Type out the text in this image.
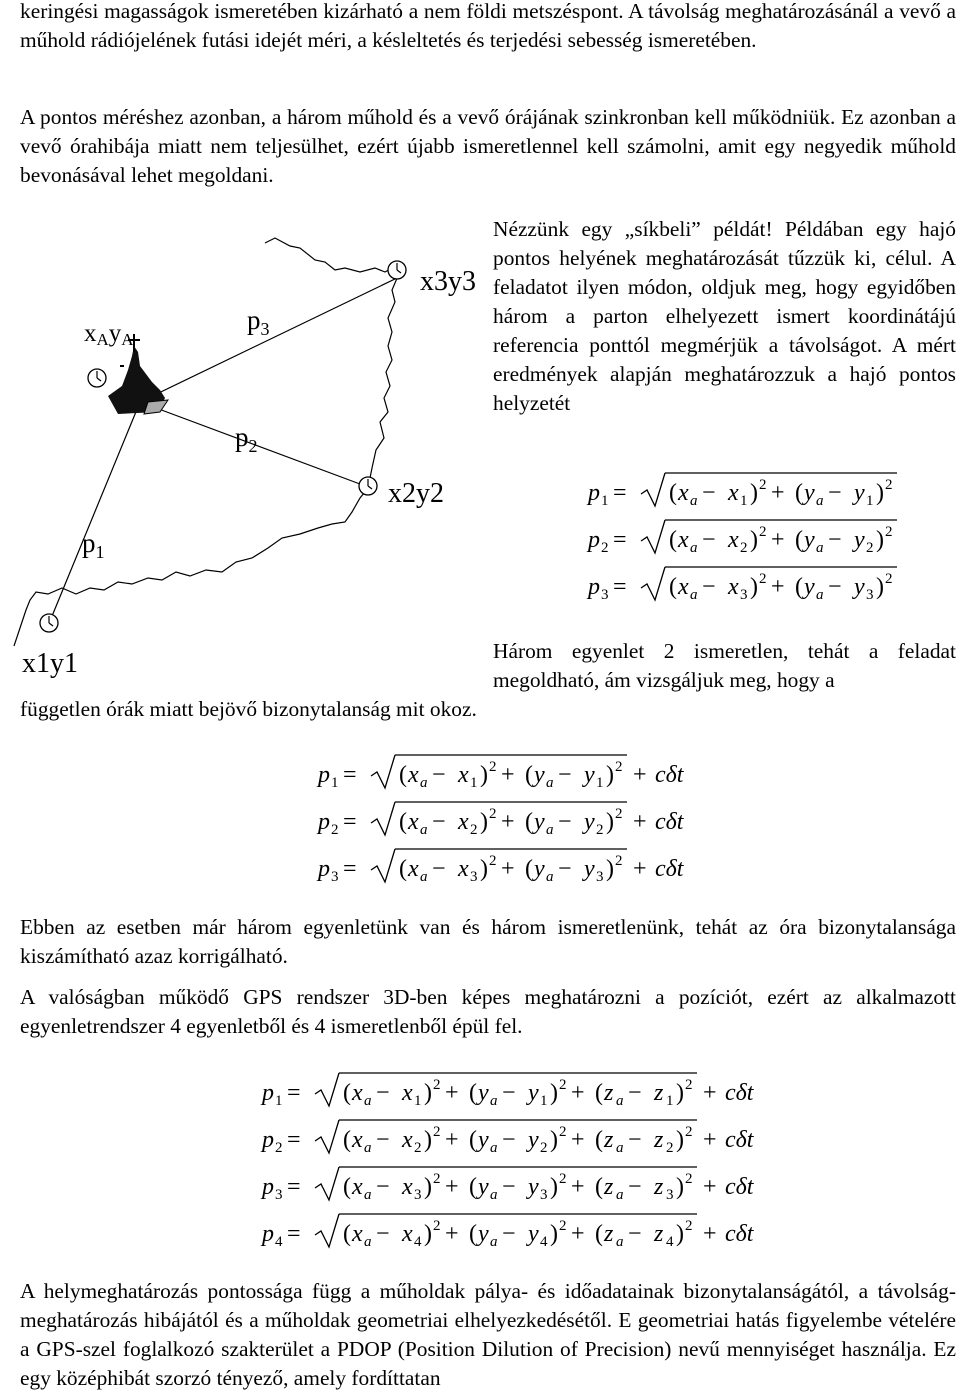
keringési magasságok ismeretében kizárható a nem földi metszéspont. A távolság meghatározásánál a vevő a műhold rádiójelének futási idejét méri, a késleltetés és terjedési sebesség ismeretében.

A pontos méréshez azonban, a három műhold és a vevő órájának szinkronban kell működniük. Ez azonban a vevő órahibája miatt nem teljesülhet, ezért újabb ismeretlennel kell számolni, amit egy negyedik műhold bevonásával lehet megoldani.

Nézzünk egy „síkbeli” példát! Példában egy hajó pontos helyének meghatározását tűzzük ki, célul. A feladatot ilyen módon, oldjuk meg, hogy egyidőben három a parton elhelyezett ismert koordinátájú referencia ponttól megmérjük a távolságot. A mért eredmények alapján meghatározzuk a hajó pontos helyzetét

xAyA
$p_3$
$p_2$
$p_1$
x3y3
x2y2
x1y1
p 1 = ( x a − x 1 ) 2 + ( y a − y 1 ) 2
p 2 = ( x a − x 2 ) 2 + ( y a − y 2 ) 2
p 3 = ( x a − x 3 ) 2 + ( y a − y 3 ) 2

Három egyenlet 2 ismeretlen, tehát a feladat megoldható, ám vizsgáljuk meg, hogy a

független órák miatt bejövő bizonytalanság mit okoz.

p 1 = ( x a − x 1 ) 2 + ( y a − y 1 ) 2 + cδt
p 2 = ( x a − x 2 ) 2 + ( y a − y 2 ) 2 + cδt
p 3 = ( x a − x 3 ) 2 + ( y a − y 3 ) 2 + cδt

Ebben az esetben már három egyenletünk van és három ismeretlenünk, tehát az óra bizonytalansága kiszámítható azaz korrigálható.

A valóságban működő GPS rendszer 3D-ben képes meghatározni a pozíciót, ezért az alkalmazott egyenletrendszer 4 egyenletből és 4 ismeretlenből épül fel.

p 1 = ( x a − x 1 ) 2 + ( y a − y 1 ) 2 + ( z a − z 1 ) 2 + cδt
p 2 = ( x a − x 2 ) 2 + ( y a − y 2 ) 2 + ( z a − z 2 ) 2 + cδt
p 3 = ( x a − x 3 ) 2 + ( y a − y 3 ) 2 + ( z a − z 3 ) 2 + cδt
p 4 = ( x a − x 4 ) 2 + ( y a − y 4 ) 2 + ( z a − z 4 ) 2 + cδt

A helymeghatározás pontossága függ a műholdak pálya- és időadatainak bizonytalanságától, a távolság-meghatározás hibájától és a műholdak geometriai elhelyezkedésétől. E geometriai hatás figyelembe vételére a GPS-szel foglalkozó szakterület a PDOP (Position Dilution of Precision) nevű mennyiséget használja. Ez egy középhibát szorzó tényező, amely fordíttatan
